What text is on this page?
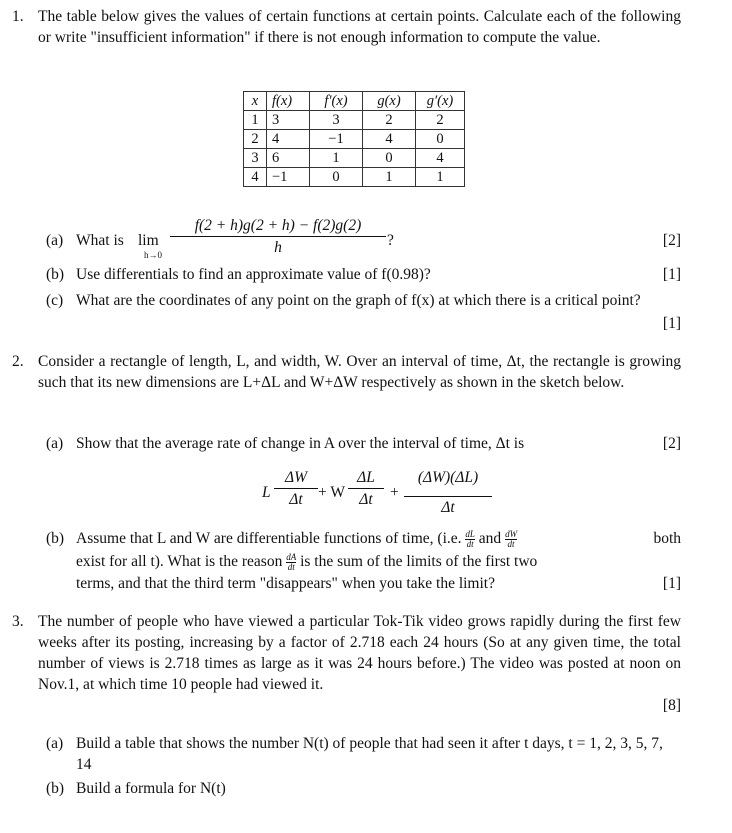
1. The table below gives the values of certain functions at certain points. Calculate each of the following or write "insufficient information" if there is not enough information to compute the value.
x	f(x)	f′(x)	g(x)	g′(x)
1	3	3	2	2
2	4	−1	4	0
3	6	1	0	4
4	−1	0	1	1
(a) What is lim
$h\to 0 \frac{f(2 + h)g(2 + h) - f(2)g(2)}{h}$ ?	[2]
(b) Use differentials to find an approximate value of f(0.98)?	[1]
(c) What are the coordinates of any point on the graph of f(x) at which there is a critical point?
[1]
2. Consider a rectangle of length, L, and width, W. Over an interval of time, Δt, the rectangle is growing such that its new dimensions are L+ΔL and W+ΔW respectively as shown in the sketch below.
(a) Show that the average rate of change in A over the interval of time, Δt is	[2]
L $\frac{\Delta W}{\Delta t} + W \frac{\Delta L}{\Delta t} + \frac{(\Delta W)(\Delta L)}{\Delta t}$
(b) Assume that L and W are differentiable functions of time, (i.e. $\frac{dL}{dt}$ and $\frac{dW}{dt}$	both
exist for all t). What is the reason $\frac{dA}{dt}$ is the sum of the limits of the first two
terms, and that the third term "disappears" when you take the limit?	[1]
3. The number of people who have viewed a particular Tok-Tik video grows rapidly during the first few weeks after its posting, increasing by a factor of 2.718 each 24 hours (So at any given time, the total number of views is 2.718 times as large as it was 24 hours before.) The video was posted at noon on Nov.1, at which time 10 people had viewed it.
[8]
(a) Build a table that shows the number N(t) of people that had seen it after t days, t = 1, 2, 3, 5, 7, 14
(b) Build a formula for N(t)
